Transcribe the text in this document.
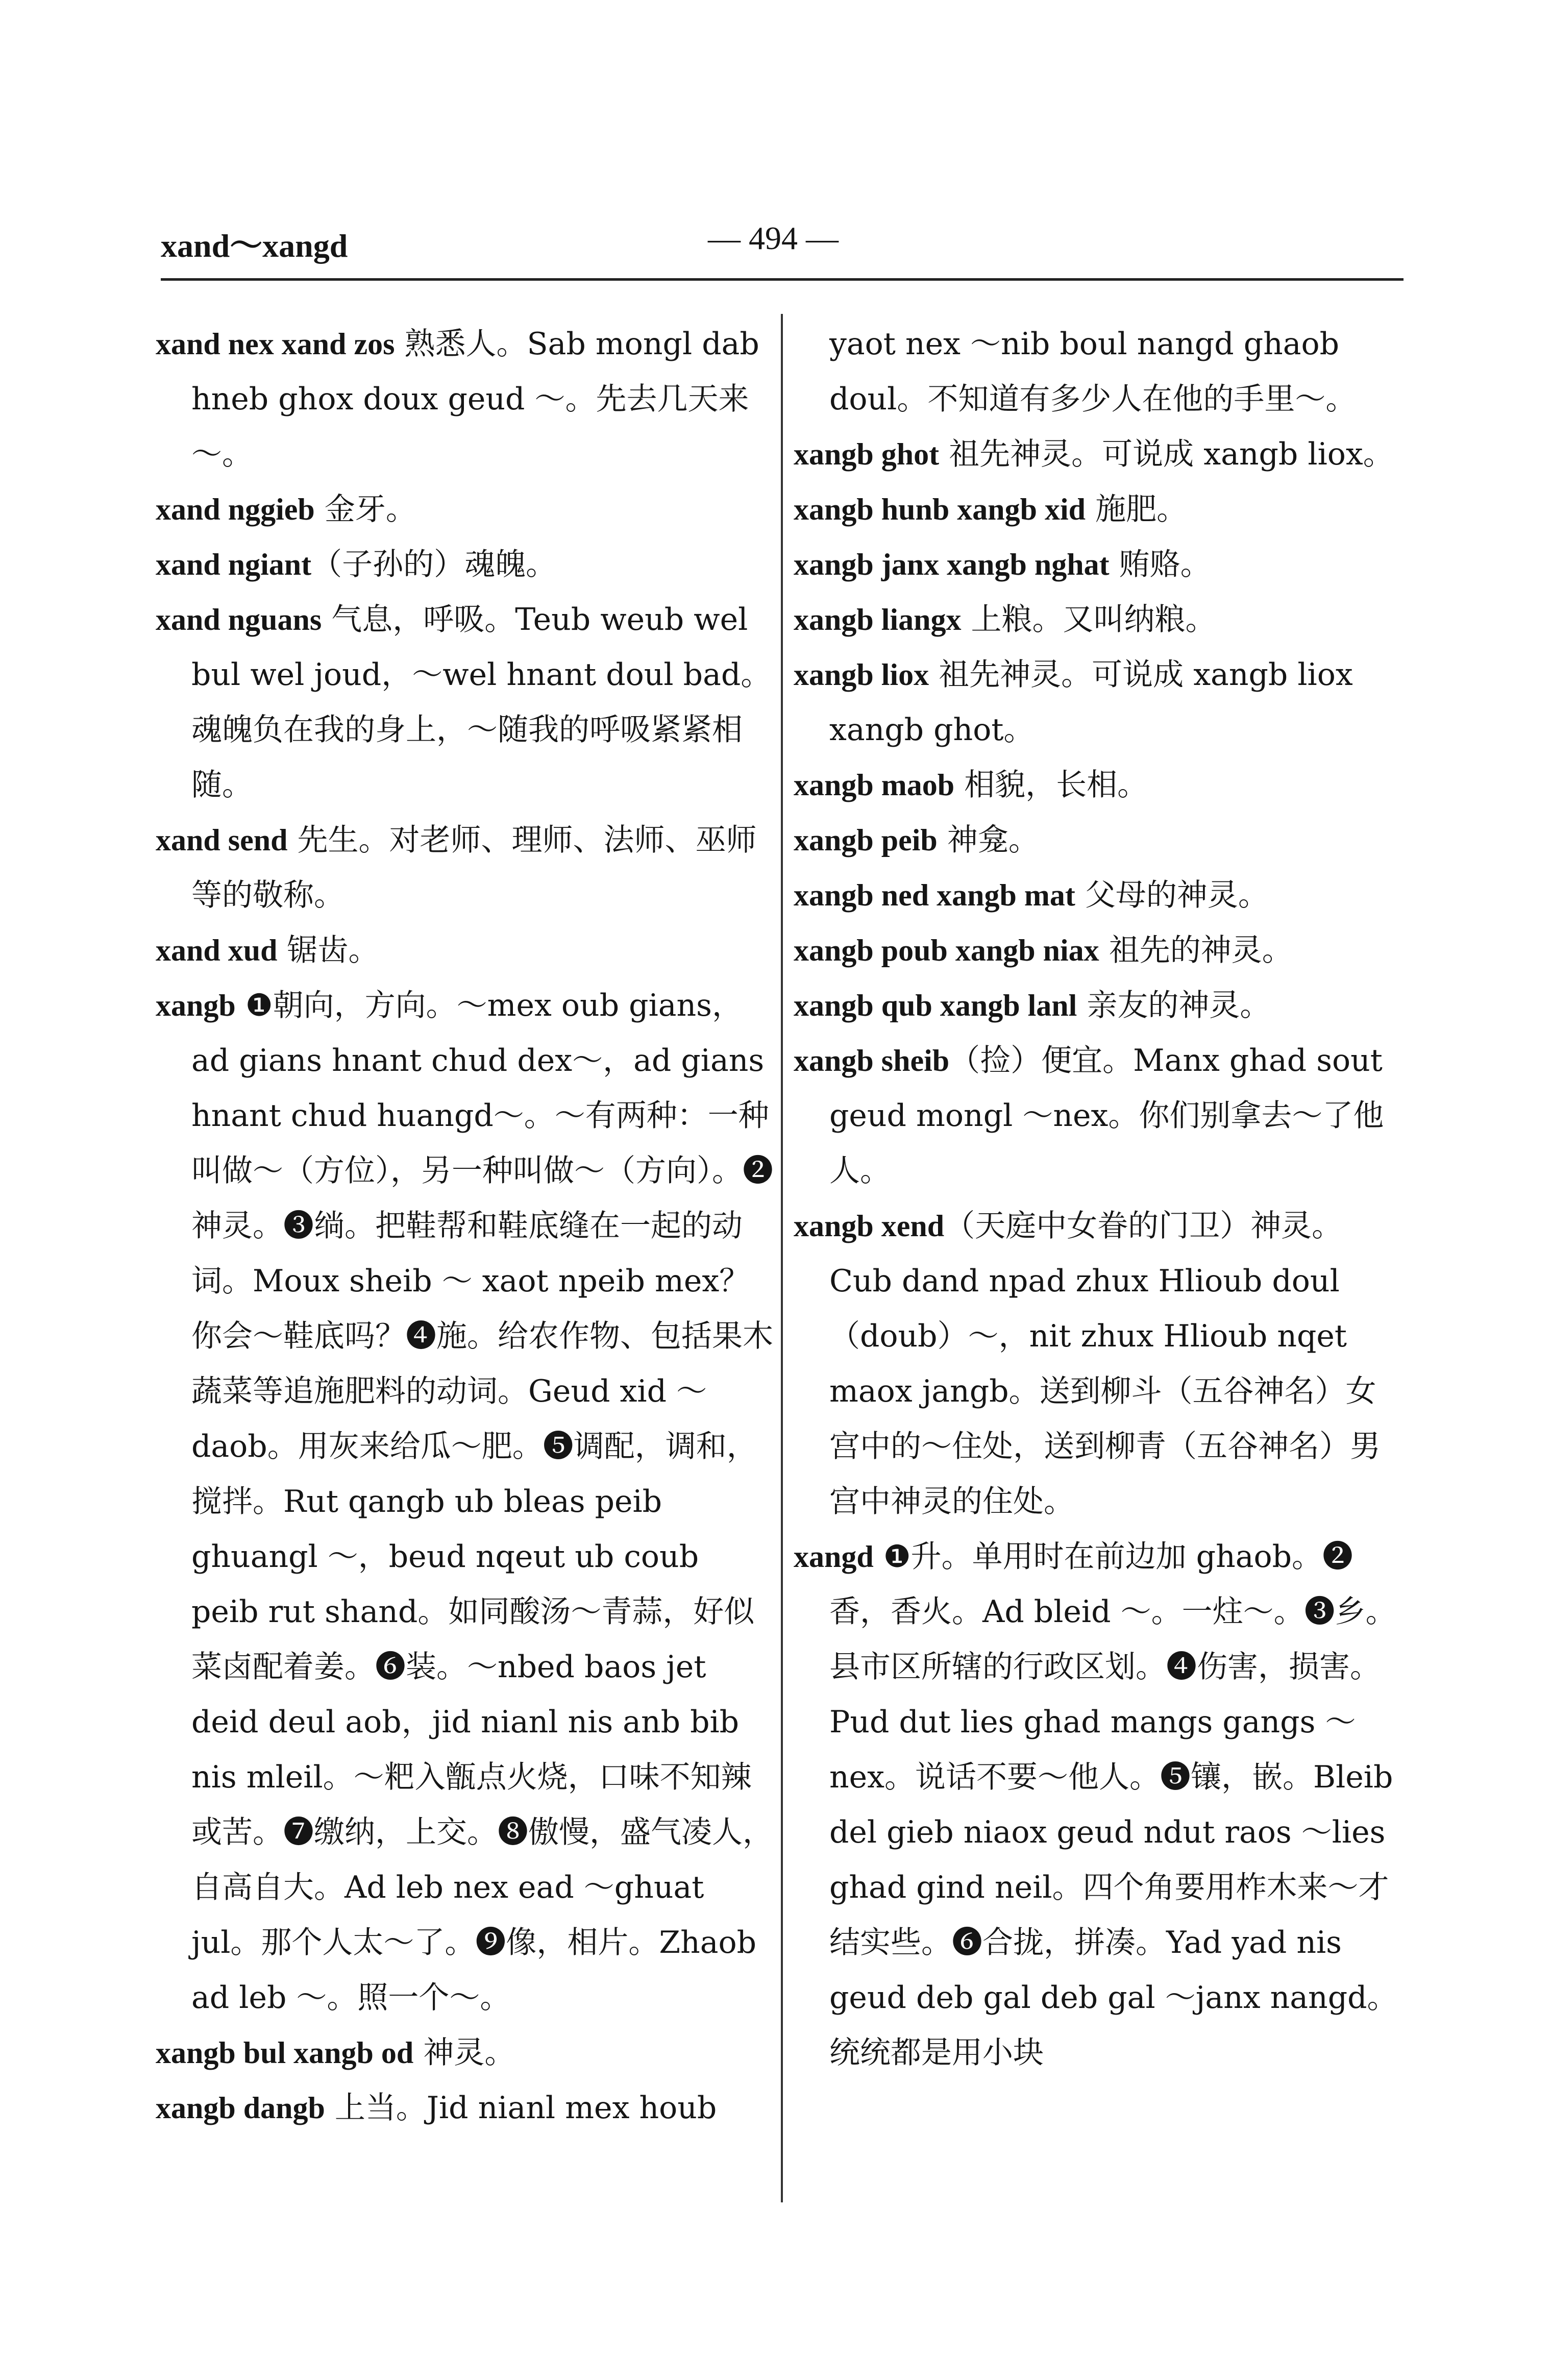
xand～xangd	— 494 —

xand nex xand zos 熟悉人。Sab mongl dab hneb ghox doux geud ～。先去几天来～。

xand nggieb 金牙。

xand ngiant（子孙的）魂魄。

xand nguans 气息，呼吸。Teub weub wel bul wel joud，～wel hnant doul bad。魂魄负在我的身上，～随我的呼吸紧紧相随。

xand send 先生。对老师、理师、法师、巫师等的敬称。

xand xud 锯齿。

xangb ❶朝向，方向。～mex oub gians，ad gians hnant chud dex～，ad gians hnant chud huangd～。～有两种：一种叫做～（方位），另一种叫做～（方向）。❷神灵。❸绱。把鞋帮和鞋底缝在一起的动词。Moux sheib ～ xaot npeib mex？你会～鞋底吗？❹施。给农作物、包括果木蔬菜等追施肥料的动词。Geud xid ～daob。用灰来给瓜～肥。❺调配，调和，搅拌。Rut qangb ub bleas peib ghuangl ～，beud nqeut ub coub peib rut shand。如同酸汤～青蒜，好似菜卤配着姜。❻装。～nbed baos jet deid deul aob，jid nianl nis anb bib nis mleil。～粑入甑点火烧，口味不知辣或苦。❼缴纳，上交。❽傲慢，盛气凌人，自高自大。Ad leb nex ead ～ghuat jul。那个人太～了。❾像，相片。Zhaob ad leb ～。照一个～。

xangb bul xangb od 神灵。

xangb dangb 上当。Jid nianl mex houb

yaot nex ～nib boul nangd ghaob doul。不知道有多少人在他的手里～。

xangb ghot 祖先神灵。可说成 xangb liox。

xangb hunb xangb xid 施肥。

xangb janx xangb nghat 贿赂。

xangb liangx 上粮。又叫纳粮。

xangb liox 祖先神灵。可说成 xangb liox xangb ghot。

xangb maob 相貌，长相。

xangb peib 神龛。

xangb ned xangb mat 父母的神灵。

xangb poub xangb niax 祖先的神灵。

xangb qub xangb lanl 亲友的神灵。

xangb sheib（捡）便宜。Manx ghad sout geud mongl ～nex。你们别拿去～了他人。

xangb xend（天庭中女眷的门卫）神灵。Cub dand npad zhux Hlioub doul（doub）～，nit zhux Hlioub nqet maox jangb。送到柳斗（五谷神名）女宫中的～住处，送到柳青（五谷神名）男宫中神灵的住处。

xangd ❶升。单用时在前边加 ghaob。❷香，香火。Ad bleid ～。一炷～。❸乡。县市区所辖的行政区划。❹伤害，损害。Pud dut lies ghad mangs gangs ～nex。说话不要～他人。❺镶，嵌。Bleib del gieb niaox geud ndut raos ～lies ghad gind neil。四个角要用柞木来～才结实些。❻合拢，拼凑。Yad yad nis geud deb gal deb gal ～janx nangd。统统都是用小块
